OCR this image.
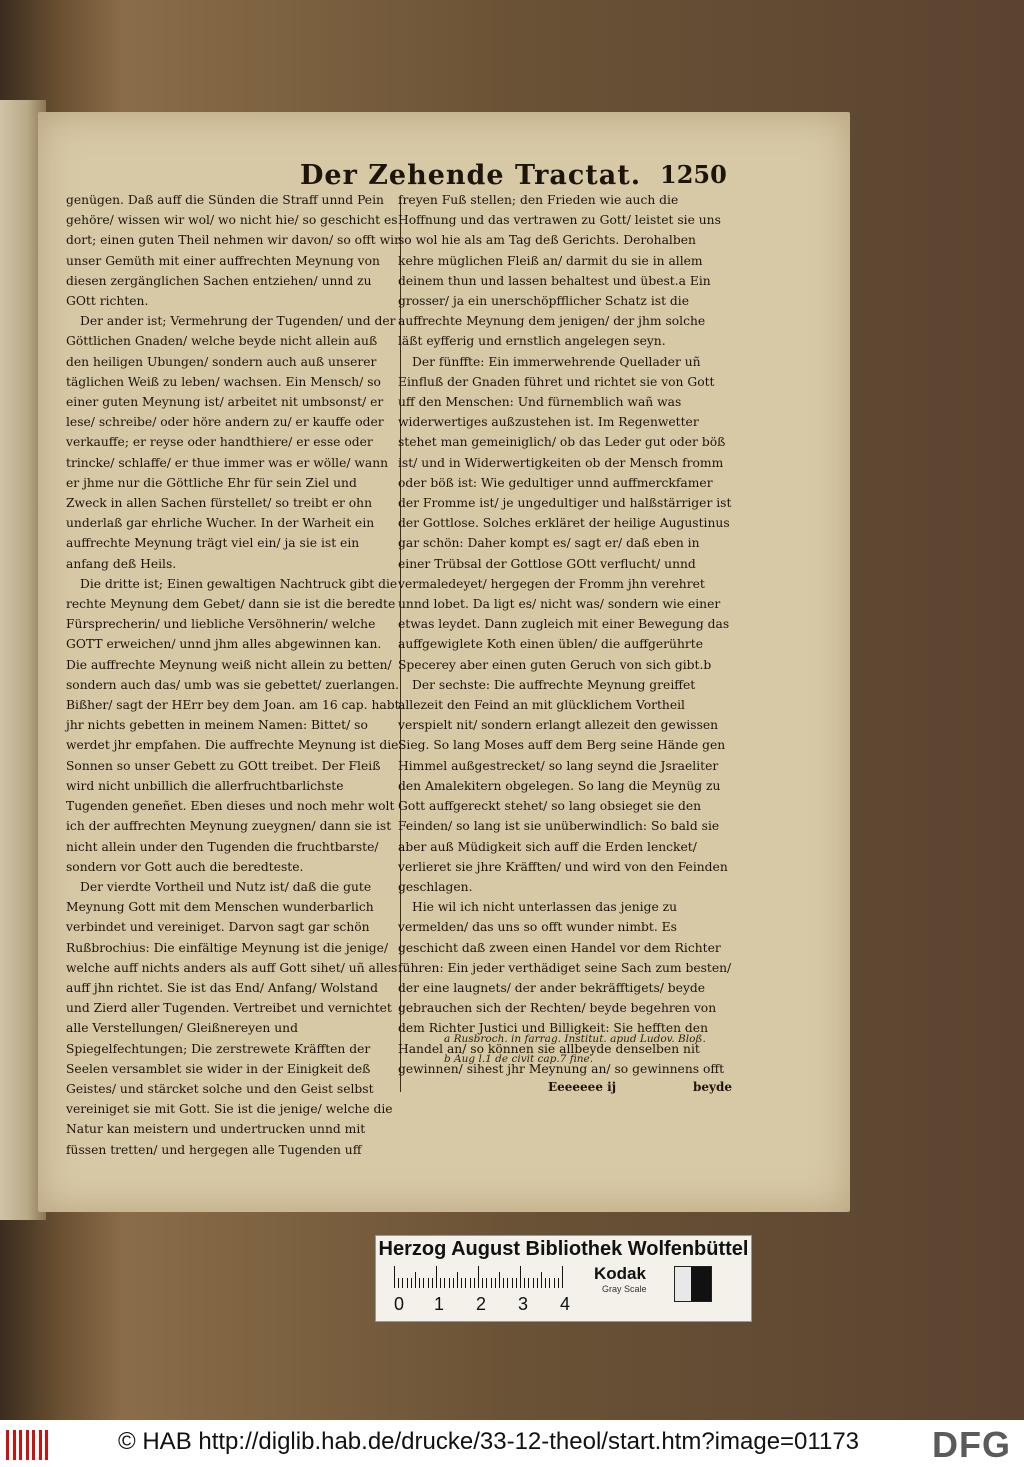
Der Zehende Tractat. 1250

genügen. Daß auff die Sünden die Straff unnd Pein gehöre/ wissen wir wol/ wo nicht hie/ so geschicht es dort; einen guten Theil nehmen wir davon/ so offt wir unser Gemüth mit einer auffrechten Meynung von diesen zergänglichen Sachen entziehen/ unnd zu GOtt richten.

Der ander ist; Vermehrung der Tugenden/ und der Göttlichen Gnaden/ welche beyde nicht allein auß den heiligen Ubungen/ sondern auch auß unserer täglichen Weiß zu leben/ wachsen. Ein Mensch/ so einer guten Meynung ist/ arbeitet nit umbsonst/ er lese/ schreibe/ oder höre andern zu/ er kauffe oder verkauffe; er reyse oder handthiere/ er esse oder trincke/ schlaffe/ er thue immer was er wölle/ wann er jhme nur die Göttliche Ehr für sein Ziel und Zweck in allen Sachen fürstellet/ so treibt er ohn underlaß gar ehrliche Wucher. In der Warheit ein auffrechte Meynung trägt viel ein/ ja sie ist ein anfang deß Heils.

Die dritte ist; Einen gewaltigen Nachtruck gibt die rechte Meynung dem Gebet/ dann sie ist die beredte Fürsprecherin/ und liebliche Versöhnerin/ welche GOTT erweichen/ unnd jhm alles abgewinnen kan. Die auffrechte Meynung weiß nicht allein zu betten/ sondern auch das/ umb was sie gebettet/ zuerlangen. Bißher/ sagt der HErr bey dem Joan. am 16 cap. habt jhr nichts gebetten in meinem Namen: Bittet/ so werdet jhr empfahen. Die auffrechte Meynung ist die Sonnen so unser Gebett zu GOtt treibet. Der Fleiß wird nicht unbillich die allerfruchtbarlichste Tugenden geneñet. Eben dieses und noch mehr wolt ich der auffrechten Meynung zueygnen/ dann sie ist nicht allein under den Tugenden die fruchtbarste/ sondern vor Gott auch die beredteste.

Der vierdte Vortheil und Nutz ist/ daß die gute Meynung Gott mit dem Menschen wunderbarlich verbindet und vereiniget. Darvon sagt gar schön Rußbrochius: Die einfältige Meynung ist die jenige/ welche auff nichts anders als auff Gott sihet/ uñ alles auff jhn richtet. Sie ist das End/ Anfang/ Wolstand und Zierd aller Tugenden. Vertreibet und vernichtet alle Verstellungen/ Gleißnereyen und Spiegelfechtungen; Die zerstrewete Kräfften der Seelen versamblet sie wider in der Einigkeit deß Geistes/ und stärcket solche und den Geist selbst vereiniget sie mit Gott. Sie ist die jenige/ welche die Natur kan meistern und undertrucken unnd mit füssen tretten/ und hergegen alle Tugenden uff

freyen Fuß stellen; den Frieden wie auch die Hoffnung und das vertrawen zu Gott/ leistet sie uns so wol hie als am Tag deß Gerichts. Derohalben kehre müglichen Fleiß an/ darmit du sie in allem deinem thun und lassen behaltest und übest.a Ein grosser/ ja ein unerschöpfflicher Schatz ist die auffrechte Meynung dem jenigen/ der jhm solche läßt eyfferig und ernstlich angelegen seyn.

Der fünffte: Ein immerwehrende Quellader uñ Einfluß der Gnaden führet und richtet sie von Gott uff den Menschen: Und fürnemblich wañ was widerwertiges außzustehen ist. Im Regenwetter stehet man gemeiniglich/ ob das Leder gut oder böß ist/ und in Widerwertigkeiten ob der Mensch fromm oder böß ist: Wie gedultiger unnd auffmerckfamer der Fromme ist/ je ungedultiger und halßstärriger ist der Gottlose. Solches erkläret der heilige Augustinus gar schön: Daher kompt es/ sagt er/ daß eben in einer Trübsal der Gottlose GOtt verflucht/ unnd vermaledeyet/ hergegen der Fromm jhn verehret unnd lobet. Da ligt es/ nicht was/ sondern wie einer etwas leydet. Dann zugleich mit einer Bewegung das auffgewiglete Koth einen üblen/ die auffgerührte Specerey aber einen guten Geruch von sich gibt.b

Der sechste: Die auffrechte Meynung greiffet allezeit den Feind an mit glücklichem Vortheil verspielt nit/ sondern erlangt allezeit den gewissen Sieg. So lang Moses auff dem Berg seine Hände gen Himmel außgestrecket/ so lang seynd die Jsraeliter den Amalekitern obgelegen. So lang die Meynüg zu Gott auffgereckt stehet/ so lang obsieget sie den Feinden/ so lang ist sie unüberwindlich: So bald sie aber auß Müdigkeit sich auff die Erden lencket/ verlieret sie jhre Kräfften/ und wird von den Feinden geschlagen.

Hie wil ich nicht unterlassen das jenige zu vermelden/ das uns so offt wunder nimbt. Es geschicht daß zween einen Handel vor dem Richter führen: Ein jeder verthädiget seine Sach zum besten/ der eine laugnets/ der ander bekräfftigets/ beyde gebrauchen sich der Rechten/ beyde begehren von dem Richter Justici und Billigkeit: Sie hefften den Handel an/ so können sie allbeyde denselben nit gewinnen/ sihest jhr Meynung an/ so gewinnens offt

a Rusbroch. in farrag. Institut. apud Ludov. Bloß.
b Aug l.1 de civit cap.7 fine.
Eeeeeee ij	beyde
Herzog August Bibliothek Wolfenbüttel
0 1 2 3 4
Kodak
Gray Scale
© HAB http://diglib.hab.de/drucke/33-12-theol/start.htm?image=01173 DFG
